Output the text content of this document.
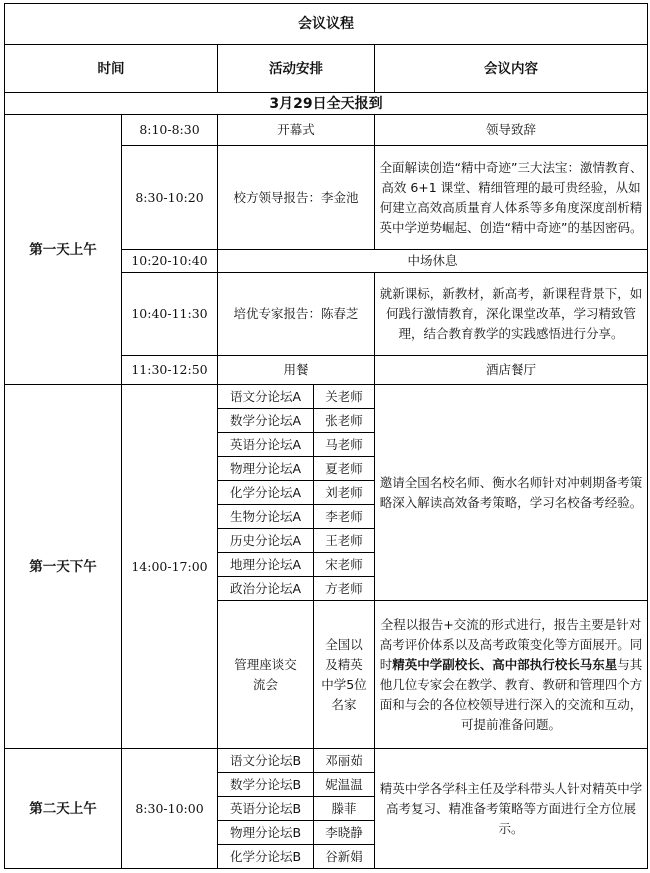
会议议程				
时间		活动安排		会议内容
3月29日全天报到				
第一天上午	8:10-8:30	开幕式		领导致辞
	8:30-10:20	校方领导报告：李金池		全面解读创造“精中奇迹”三大法宝：激情教育、高效 6+1 课堂、精细管理的最可贵经验，从如何建立高效高质量育人体系等多角度深度剖析精英中学逆势崛起、创造“精中奇迹”的基因密码。
	10:20-10:40	中场休息		
	10:40-11:30	培优专家报告：陈春芝		就新课标，新教材，新高考，新课程背景下，如何践行激情教育，深化课堂改革，学习精致管理，结合教育教学的实践感悟进行分享。
	11:30-12:50	用餐		酒店餐厅
第一天下午	14:00-17:00	语文分论坛A	关老师	邀请全国名校名师、衡水名师针对冲刺期备考策略深入解读高效备考策略，学习名校备考经验。
		数学分论坛A	张老师	
		英语分论坛A	马老师	
		物理分论坛A	夏老师	
		化学分论坛A	刘老师	
		生物分论坛A	李老师	
		历史分论坛A	王老师	
		地理分论坛A	宋老师	
		政治分论坛A	方老师	
		管理座谈交流会	全国以及精英中学5位名家	全程以报告+交流的形式进行，报告主要是针对高考评价体系以及高考政策变化等方面展开。同时精英中学副校长、高中部执行校长马东星与其他几位专家会在教学、教育、教研和管理四个方面和与会的各位校领导进行深入的交流和互动，可提前准备问题。
第二天上午	8:30-10:00	语文分论坛B	邓丽茹	精英中学各学科主任及学科带头人针对精英中学高考复习、精准备考策略等方面进行全方位展示。
		数学分论坛B	妮温温	
		英语分论坛B	滕菲	
		物理分论坛B	李晓静	
		化学分论坛B	谷新娟	
